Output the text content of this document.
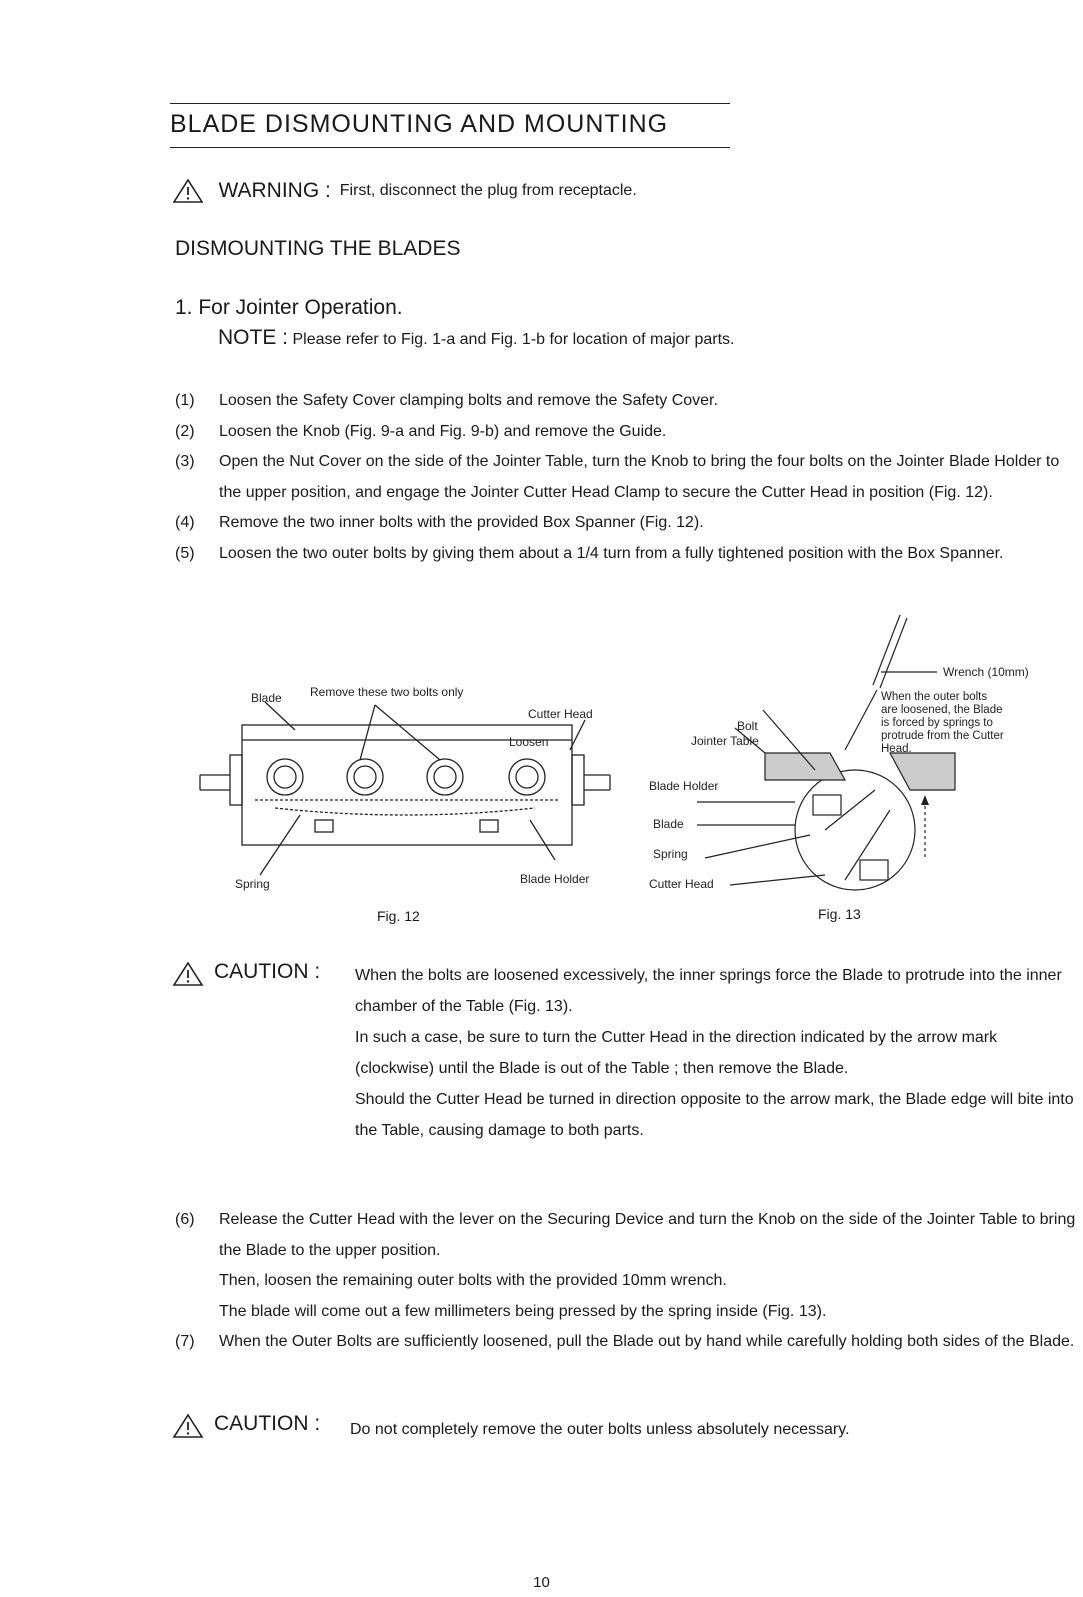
BLADE DISMOUNTING AND MOUNTING
WARNING : First, disconnect the plug from receptacle.
DISMOUNTING THE BLADES
1. For Jointer Operation.
NOTE : Please refer to Fig. 1-a and Fig. 1-b for location of major parts.
(1) Loosen the Safety Cover clamping bolts and remove the Safety Cover.
(2) Loosen the Knob (Fig. 9-a and Fig. 9-b) and remove the Guide.
(3) Open the Nut Cover on the side of the Jointer Table, turn the Knob to bring the four bolts on the Jointer Blade Holder to the upper position, and engage the Jointer Cutter Head Clamp to secure the Cutter Head in position (Fig. 12).
(4) Remove the two inner bolts with the provided Box Spanner (Fig. 12).
(5) Loosen the two outer bolts by giving them about a 1/4 turn from a fully tightened position with the Box Spanner.
Blade Remove these two bolts only
Cutter Head
Loosen
Spring	Blade Holder
Fig. 12
Wrench (10mm)
When the outer bolts are loosened, the Blade is forced by springs to protrude from the Cutter Head.
Bolt
Jointer Table
Blade Holder
Blade
Spring
Cutter Head
Fig. 13
CAUTION : When the bolts are loosened excessively, the inner springs force the Blade to protrude into the inner chamber of the Table (Fig. 13).
In such a case, be sure to turn the Cutter Head in the direction indicated by the arrow mark (clockwise) until the Blade is out of the Table ; then remove the Blade.
Should the Cutter Head be turned in direction opposite to the arrow mark, the Blade edge will bite into the Table, causing damage to both parts.
(6) Release the Cutter Head with the lever on the Securing Device and turn the Knob on the side of the Jointer Table to bring the Blade to the upper position.
Then, loosen the remaining outer bolts with the provided 10mm wrench.
The blade will come out a few millimeters being pressed by the spring inside (Fig. 13).
(7) When the Outer Bolts are sufficiently loosened, pull the Blade out by hand while carefully holding both sides of the Blade.
CAUTION : Do not completely remove the outer bolts unless absolutely necessary.
10
